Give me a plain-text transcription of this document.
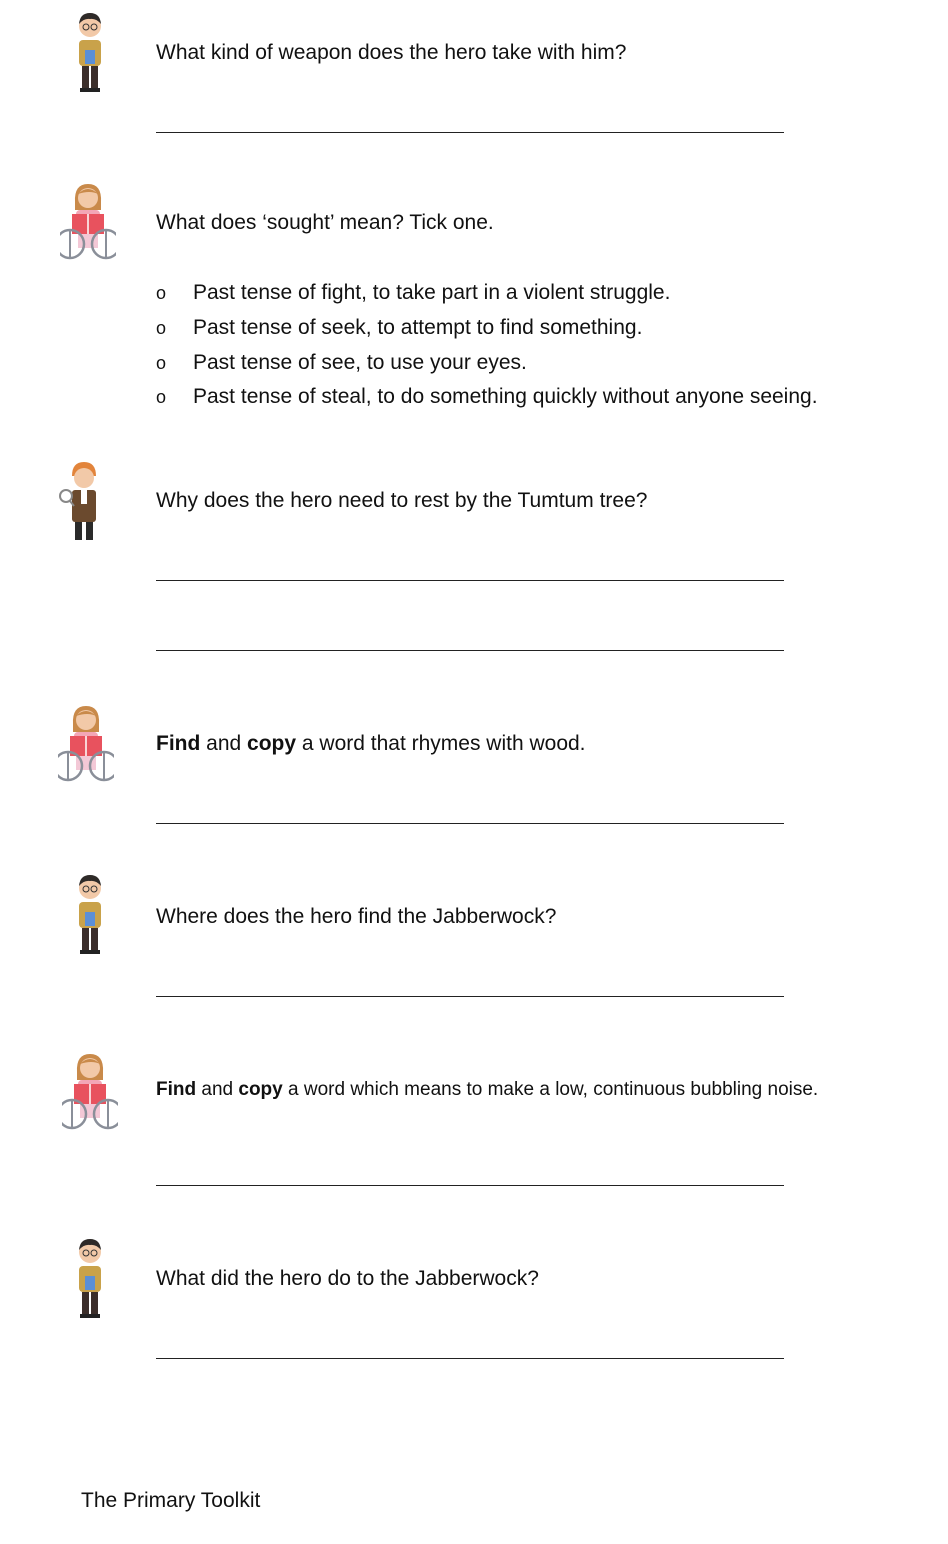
What kind of weapon does the hero take with him?
What does ‘sought’ mean? Tick one.
o Past tense of fight, to take part in a violent struggle.
o Past tense of seek, to attempt to find something.
o Past tense of see, to use your eyes.
o Past tense of steal, to do something quickly without anyone seeing.
Why does the hero need to rest by the Tumtum tree?
Find and copy a word that rhymes with wood.
Where does the hero find the Jabberwock?
Find and copy a word which means to make a low, continuous bubbling noise.
What did the hero do to the Jabberwock?
The Primary Toolkit
